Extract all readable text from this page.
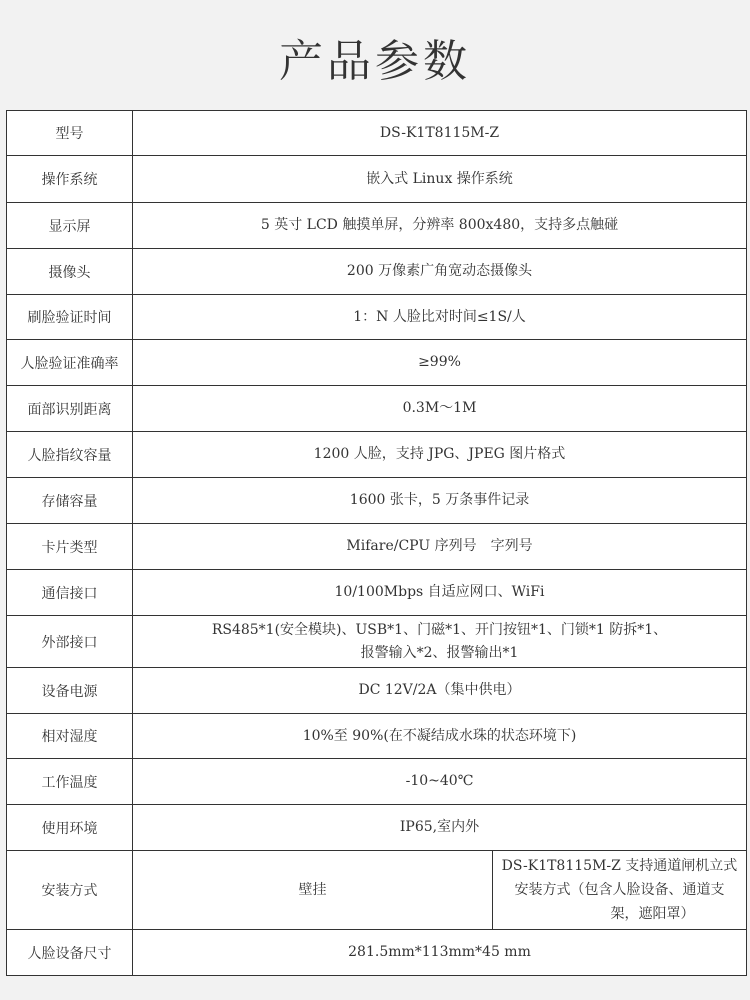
产品参数
型号	DS-K1T8115M-Z	
操作系统	嵌入式 Linux 操作系统	
显示屏	5 英寸 LCD 触摸单屏，分辨率 800x480，支持多点触碰	
摄像头	200 万像素广角宽动态摄像头	
刷脸验证时间	1：N 人脸比对时间≤1S/人	
人脸验证准确率	≥99%	
面部识别距离	0.3M～1M	
人脸指纹容量	1200 人脸，支持 JPG、JPEG 图片格式	
存储容量	1600 张卡，5 万条事件记录	
卡片类型	Mifare/CPU 序列号　字列号	
通信接口	10/100Mbps 自适应网口、WiFi	
外部接口	RS485*1(安全模块)、USB*1、门磁*1、开门按钮*1、门锁*1 防拆*1、
报警输入*2、报警输出*1	

设备电源	DC 12V/2A（集中供电）	
相对湿度	10%至 90%(在不凝结成水珠的状态环境下)	
工作温度	-10~40℃	
使用环境	IP65,室内外	
安装方式	壁挂	DS-K1T8115M-Z 支持通道闸机立式
安装方式（包含人脸设备、通道支
架，遮阳罩）

人脸设备尺寸	281.5mm*113mm*45 mm	
